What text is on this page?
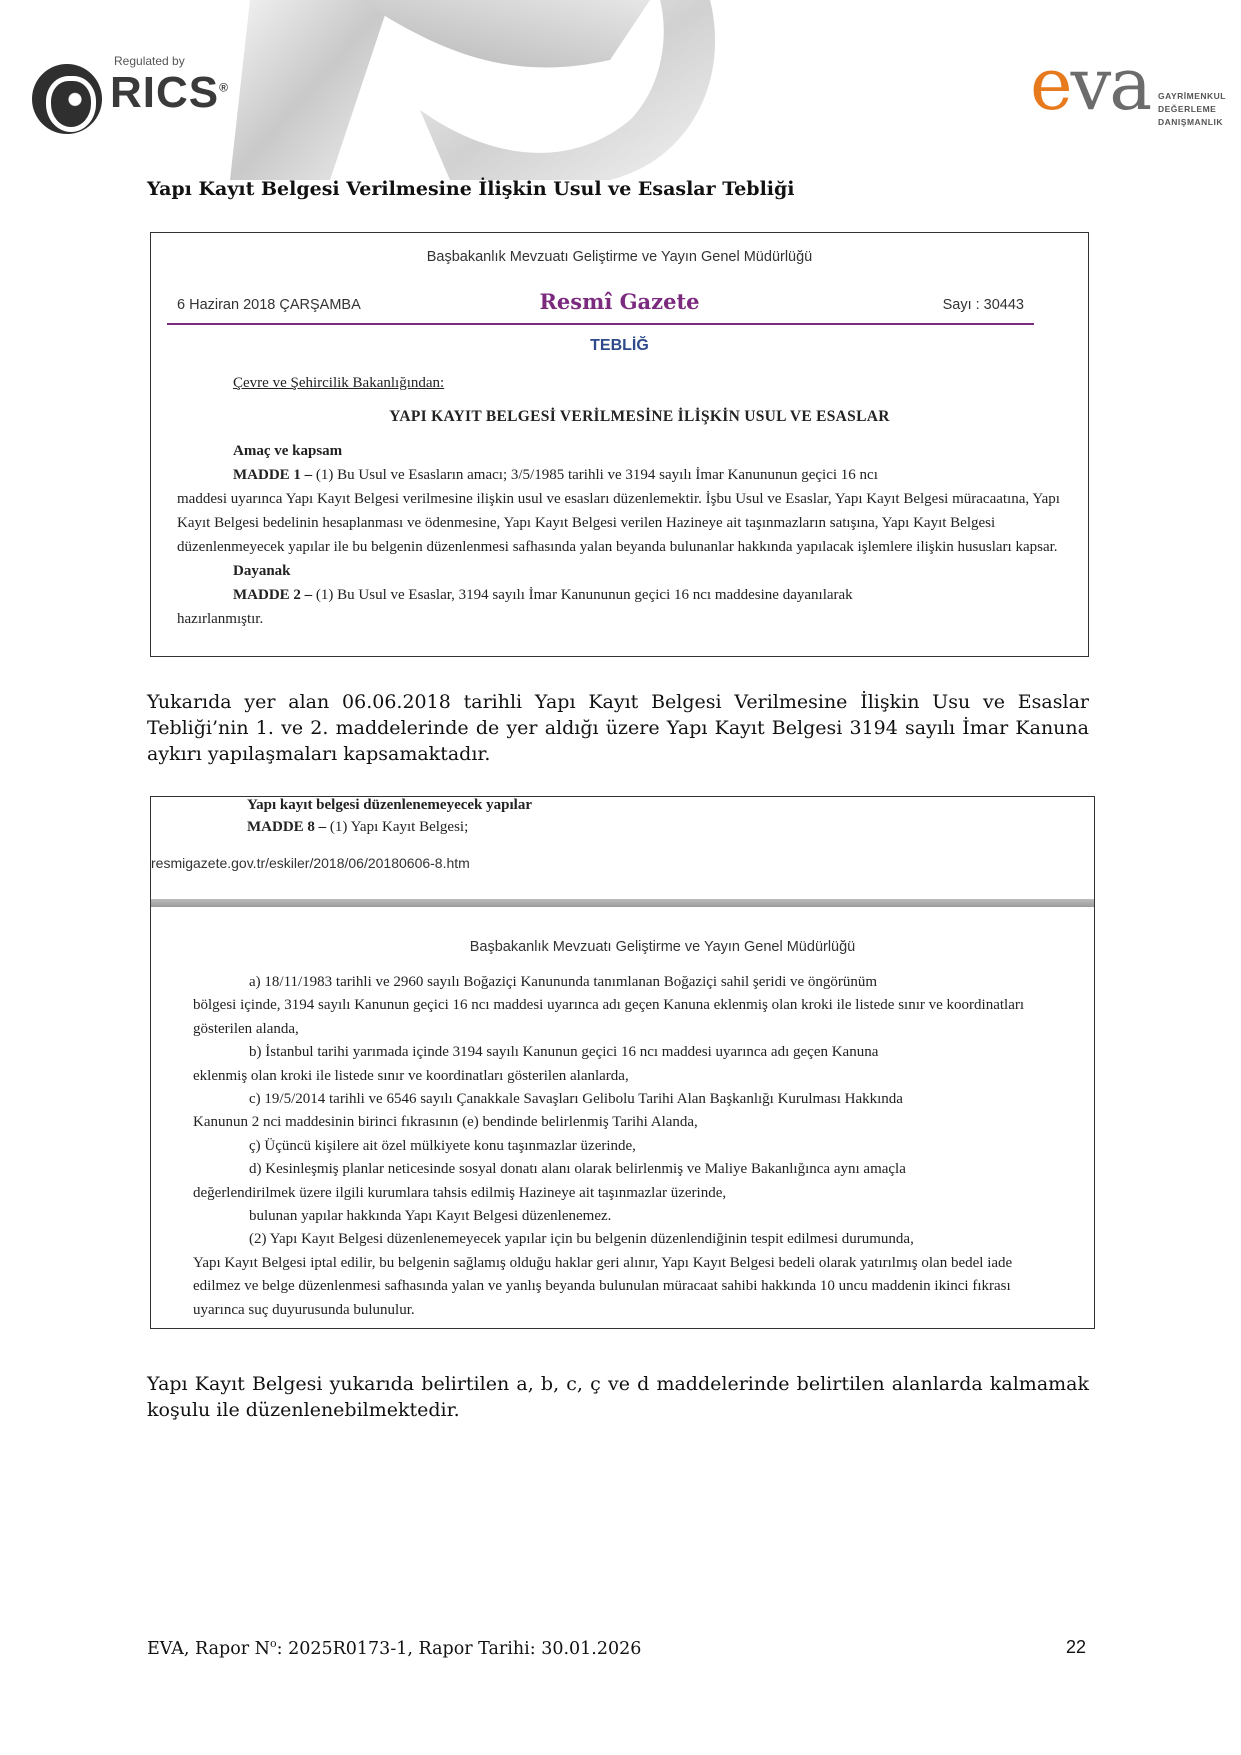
Regulated by
RICS®	eva GAYRİMENKUL
DEĞERLEME
DANIŞMANLIK
Yapı Kayıt Belgesi Verilmesine İlişkin Usul ve Esaslar Tebliği
Başbakanlık Mevzuatı Geliştirme ve Yayın Genel Müdürlüğü
6 Haziran 2018 ÇARŞAMBA	Resmî Gazete	Sayı : 30443
TEBLİĞ
Çevre ve Şehircilik Bakanlığından:
YAPI KAYIT BELGESİ VERİLMESİNE İLİŞKİN USUL VE ESASLAR

Amaç ve kapsam

MADDE 1 – (1) Bu Usul ve Esasların amacı; 3/5/1985 tarihli ve 3194 sayılı İmar Kanununun geçici 16 ncı

maddesi uyarınca Yapı Kayıt Belgesi verilmesine ilişkin usul ve esasları düzenlemektir. İşbu Usul ve Esaslar, Yapı Kayıt Belgesi müracaatına, Yapı Kayıt Belgesi bedelinin hesaplanması ve ödenmesine, Yapı Kayıt Belgesi verilen Hazineye ait taşınmazların satışına, Yapı Kayıt Belgesi düzenlenmeyecek yapılar ile bu belgenin düzenlenmesi safhasında yalan beyanda bulunanlar hakkında yapılacak işlemlere ilişkin hususları kapsar.

Dayanak

MADDE 2 – (1) Bu Usul ve Esaslar, 3194 sayılı İmar Kanununun geçici 16 ncı maddesine dayanılarak

hazırlanmıştır.

Yukarıda yer alan 06.06.2018 tarihli Yapı Kayıt Belgesi Verilmesine İlişkin Usu ve Esaslar Tebliği’nin 1. ve 2. maddelerinde de yer aldığı üzere Yapı Kayıt Belgesi 3194 sayılı İmar Kanuna aykırı yapılaşmaları kapsamaktadır.
Yapı kayıt belgesi düzenlenemeyecek yapılar
MADDE 8 – (1) Yapı Kayıt Belgesi;
resmigazete.gov.tr/eskiler/2018/06/20180606-8.htm
Başbakanlık Mevzuatı Geliştirme ve Yayın Genel Müdürlüğü

a) 18/11/1983 tarihli ve 2960 sayılı Boğaziçi Kanununda tanımlanan Boğaziçi sahil şeridi ve öngörünüm

bölgesi içinde, 3194 sayılı Kanunun geçici 16 ncı maddesi uyarınca adı geçen Kanuna eklenmiş olan kroki ile listede sınır ve koordinatları gösterilen alanda,

b) İstanbul tarihi yarımada içinde 3194 sayılı Kanunun geçici 16 ncı maddesi uyarınca adı geçen Kanuna

eklenmiş olan kroki ile listede sınır ve koordinatları gösterilen alanlarda,

c) 19/5/2014 tarihli ve 6546 sayılı Çanakkale Savaşları Gelibolu Tarihi Alan Başkanlığı Kurulması Hakkında

Kanunun 2 nci maddesinin birinci fıkrasının (e) bendinde belirlenmiş Tarihi Alanda,

ç) Üçüncü kişilere ait özel mülkiyete konu taşınmazlar üzerinde,

d) Kesinleşmiş planlar neticesinde sosyal donatı alanı olarak belirlenmiş ve Maliye Bakanlığınca aynı amaçla

değerlendirilmek üzere ilgili kurumlara tahsis edilmiş Hazineye ait taşınmazlar üzerinde,

bulunan yapılar hakkında Yapı Kayıt Belgesi düzenlenemez.

(2) Yapı Kayıt Belgesi düzenlenemeyecek yapılar için bu belgenin düzenlendiğinin tespit edilmesi durumunda,

Yapı Kayıt Belgesi iptal edilir, bu belgenin sağlamış olduğu haklar geri alınır, Yapı Kayıt Belgesi bedeli olarak yatırılmış olan bedel iade edilmez ve belge düzenlenmesi safhasında yalan ve yanlış beyanda bulunulan müracaat sahibi hakkında 10 uncu maddenin ikinci fıkrası uyarınca suç duyurusunda bulunulur.

Yapı Kayıt Belgesi yukarıda belirtilen a, b, c, ç ve d maddelerinde belirtilen alanlarda kalmamak koşulu ile düzenlenebilmektedir.
EVA, Rapor $N^o$: 2025R0173-1, Rapor Tarihi: 30.01.2026	22
